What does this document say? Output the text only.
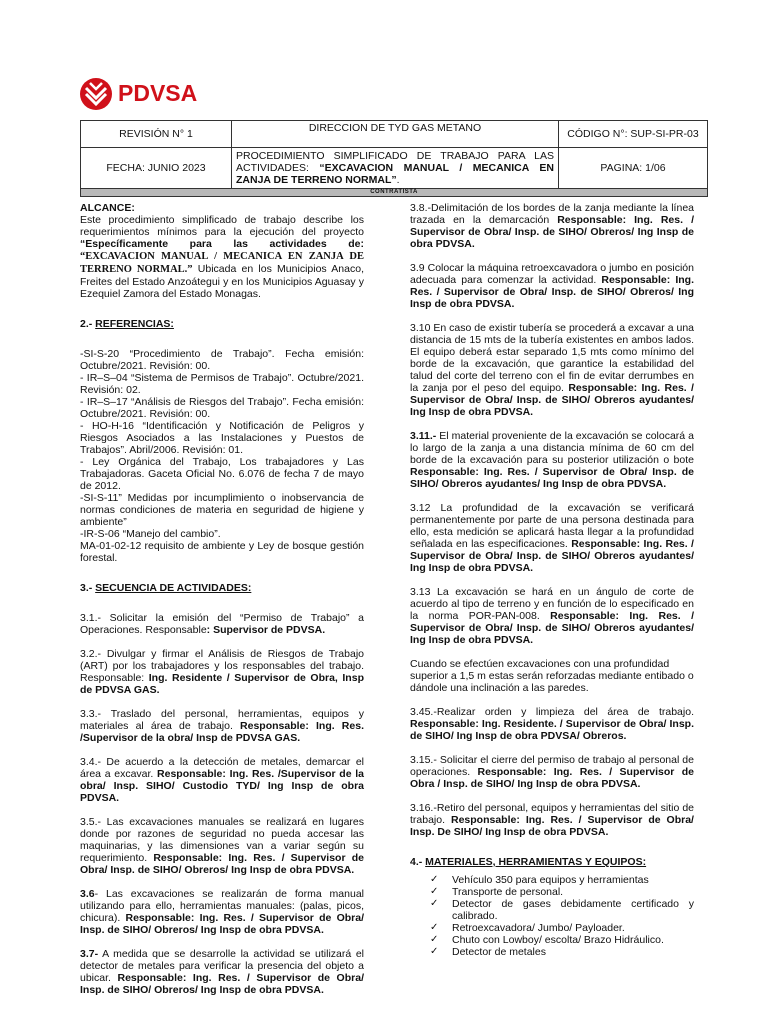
PDVSA
REVISIÓN N° 1	DIRECCION DE TYD GAS METANO	CÓDIGO N°: SUP-SI-PR-03
FECHA: JUNIO 2023	PROCEDIMIENTO SIMPLIFICADO DE TRABAJO PARA LAS ACTIVIDADES: “EXCAVACION MANUAL / MECANICA EN ZANJA DE TERRENO NORMAL”.	PAGINA: 1/06
CONTRATISTA		

ALCANCE:

Este procedimiento simplificado de trabajo describe los requerimientos mínimos para la ejecución del proyecto “Específicamente para las actividades de: “EXCAVACION MANUAL / MECANICA EN ZANJA DE TERRENO NORMAL.” Ubicada en los Municipios Anaco, Freites del Estado Anzoátegui y en los Municipios Aguasay y Ezequiel Zamora del Estado Monagas.

2.- REFERENCIAS:

-SI-S-20 “Procedimiento de Trabajo”. Fecha emisión: Octubre/2021. Revisión: 00.

- IR–S–04 “Sistema de Permisos de Trabajo”. Octubre/2021. Revisión: 02.

- IR–S–17 “Análisis de Riesgos del Trabajo”. Fecha emisión: Octubre/2021. Revisión: 00.

- HO-H-16 “Identificación y Notificación de Peligros y Riesgos Asociados a las Instalaciones y Puestos de Trabajos”. Abril/2006. Revisión: 01.

- Ley Orgánica del Trabajo, Los trabajadores y Las Trabajadoras. Gaceta Oficial No. 6.076 de fecha 7 de mayo de 2012.

-SI-S-11” Medidas por incumplimiento o inobservancia de normas condiciones de materia en seguridad de higiene y ambiente”

-IR-S-06 “Manejo del cambio”.

MA-01-02-12 requisito de ambiente y Ley de bosque gestión forestal.

3.- SECUENCIA DE ACTIVIDADES:

3.1.- Solicitar la emisión del “Permiso de Trabajo” a Operaciones. Responsable: Supervisor de PDVSA.

3.2.- Divulgar y firmar el Análisis de Riesgos de Trabajo (ART) por los trabajadores y los responsables del trabajo. Responsable: Ing. Residente / Supervisor de Obra, Insp de PDVSA GAS.

3.3.- Traslado del personal, herramientas, equipos y materiales al área de trabajo. Responsable: Ing. Res. /Supervisor de la obra/ Insp de PDVSA GAS.

3.4.- De acuerdo a la detección de metales, demarcar el área a excavar. Responsable: Ing. Res. /Supervisor de la obra/ Insp. SIHO/ Custodio TYD/ Ing Insp de obra PDVSA.

3.5.- Las excavaciones manuales se realizará en lugares donde por razones de seguridad no pueda accesar las maquinarias, y las dimensiones van a variar según su requerimiento. Responsable: Ing. Res. / Supervisor de Obra/ Insp. de SIHO/ Obreros/ Ing Insp de obra PDVSA.

3.6- Las excavaciones se realizarán de forma manual utilizando para ello, herramientas manuales: (palas, picos, chicura). Responsable: Ing. Res. / Supervisor de Obra/ Insp. de SIHO/ Obreros/ Ing Insp de obra PDVSA.

3.7- A medida que se desarrolle la actividad se utilizará el detector de metales para verificar la presencia del objeto a ubicar. Responsable: Ing. Res. / Supervisor de Obra/ Insp. de SIHO/ Obreros/ Ing Insp de obra PDVSA.

3.8.-Delimitación de los bordes de la zanja mediante la línea trazada en la demarcación Responsable: Ing. Res. / Supervisor de Obra/ Insp. de SIHO/ Obreros/ Ing Insp de obra PDVSA.

3.9 Colocar la máquina retroexcavadora o jumbo en posición adecuada para comenzar la actividad. Responsable: Ing. Res. / Supervisor de Obra/ Insp. de SIHO/ Obreros/ Ing Insp de obra PDVSA.

3.10 En caso de existir tubería se procederá a excavar a una distancia de 15 mts de la tubería existentes en ambos lados. El equipo deberá estar separado 1,5 mts como mínimo del borde de la excavación, que garantice la estabilidad del talud del corte del terreno con el fin de evitar derrumbes en la zanja por el peso del equipo. Responsable: Ing. Res. / Supervisor de Obra/ Insp. de SIHO/ Obreros ayudantes/ Ing Insp de obra PDVSA.

3.11.- El material proveniente de la excavación se colocará a lo largo de la zanja a una distancia mínima de 60 cm del borde de la excavación para su posterior utilización o bote Responsable: Ing. Res. / Supervisor de Obra/ Insp. de SIHO/ Obreros ayudantes/ Ing Insp de obra PDVSA.

3.12 La profundidad de la excavación se verificará permanentemente por parte de una persona destinada para ello, esta medición se aplicará hasta llegar a la profundidad señalada en las especificaciones. Responsable: Ing. Res. / Supervisor de Obra/ Insp. de SIHO/ Obreros ayudantes/ Ing Insp de obra PDVSA.

3.13 La excavación se hará en un ángulo de corte de acuerdo al tipo de terreno y en función de lo especificado en la norma POR-PAN-008. Responsable: Ing. Res. / Supervisor de Obra/ Insp. de SIHO/ Obreros ayudantes/ Ing Insp de obra PDVSA.

Cuando se efectúen excavaciones con una profundidad superior a 1,5 m estas serán reforzadas mediante entibado o dándole una inclinación a las paredes.

3.45.-Realizar orden y limpieza del área de trabajo. Responsable: Ing. Residente. / Supervisor de Obra/ Insp. de SIHO/ Ing Insp de obra PDVSA/ Obreros.

3.15.- Solicitar el cierre del permiso de trabajo al personal de operaciones. Responsable: Ing. Res. / Supervisor de Obra / Insp. de SIHO/ Ing Insp de obra PDVSA.

3.16.-Retiro del personal, equipos y herramientas del sitio de trabajo. Responsable: Ing. Res. / Supervisor de Obra/ Insp. De SIHO/ Ing Insp de obra PDVSA.

4.- MATERIALES, HERRAMIENTAS Y EQUIPOS:

✓ Vehículo 350 para equipos y herramientas
✓ Transporte de personal.
✓ Detector de gases debidamente certificado y calibrado.
✓ Retroexcavadora/ Jumbo/ Payloader.
✓ Chuto con Lowboy/ escolta/ Brazo Hidráulico.
✓ Detector de metales
